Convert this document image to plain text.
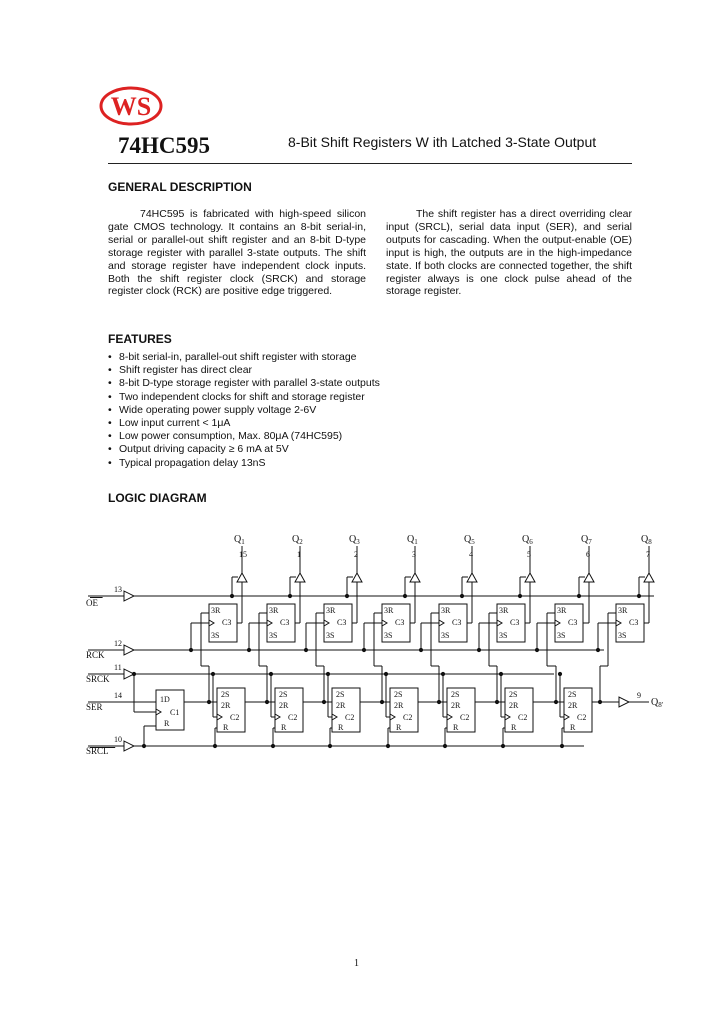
WS
74HC595	8-Bit Shift Registers W ith Latched 3-State Output
GENERAL DESCRIPTION
74HC595 is fabricated with high-speed silicon gate CMOS technology. It contains an 8-bit serial-in, serial or parallel-out shift register and an 8-bit D-type storage register with parallel 3-state outputs. The shift and storage register have independent clock inputs. Both the shift register clock (SRCK) and storage register clock (RCK) are positive edge triggered.
The shift register has a direct overriding clear input (SRCL), serial data input (SER), and serial outputs for cascading. When the output-enable (OE) input is high, the outputs are in the high-impedance state. If both clocks are connected together, the shift register always is one clock pulse ahead of the storage register.
FEATURES
• 8-bit serial-in, parallel-out shift register with storage
• Shift register has direct clear
• 8-bit D-type storage register with parallel 3-state outputs
• Two independent clocks for shift and storage register
• Wide operating power supply voltage 2-6V
• Low input current < 1μA
• Low power consumption, Max. 80μA (74HC595)
• Output driving capacity ≥ 6 mA at 5V
• Typical propagation delay 13nS
LOGIC DIAGRAM
OE
13
RCK
12
SRCK
11
SER
14
SRCL
10
3R
C3
3S
$Q_1$
15
3R
C3
3S
$Q_2$
1
3R
C3
3S
$Q_3$
2
3R
C3
3S
$Q_1$
3
3R
C3
3S
$Q_5$
4
3R
C3
3S
$Q_6$
5
3R
C3
3S
$Q_7$
6
3R
C3
3S
$Q_8$
7
1D
C1
R
2S
2R
C2
R
2S
2R
C2
R
2S
2R
C2
R
2S
2R
C2
R
2S
2R
C2
R
2S
2R
C2
R
2S
2R
C2
R
9
$Q_{8'}$
1
